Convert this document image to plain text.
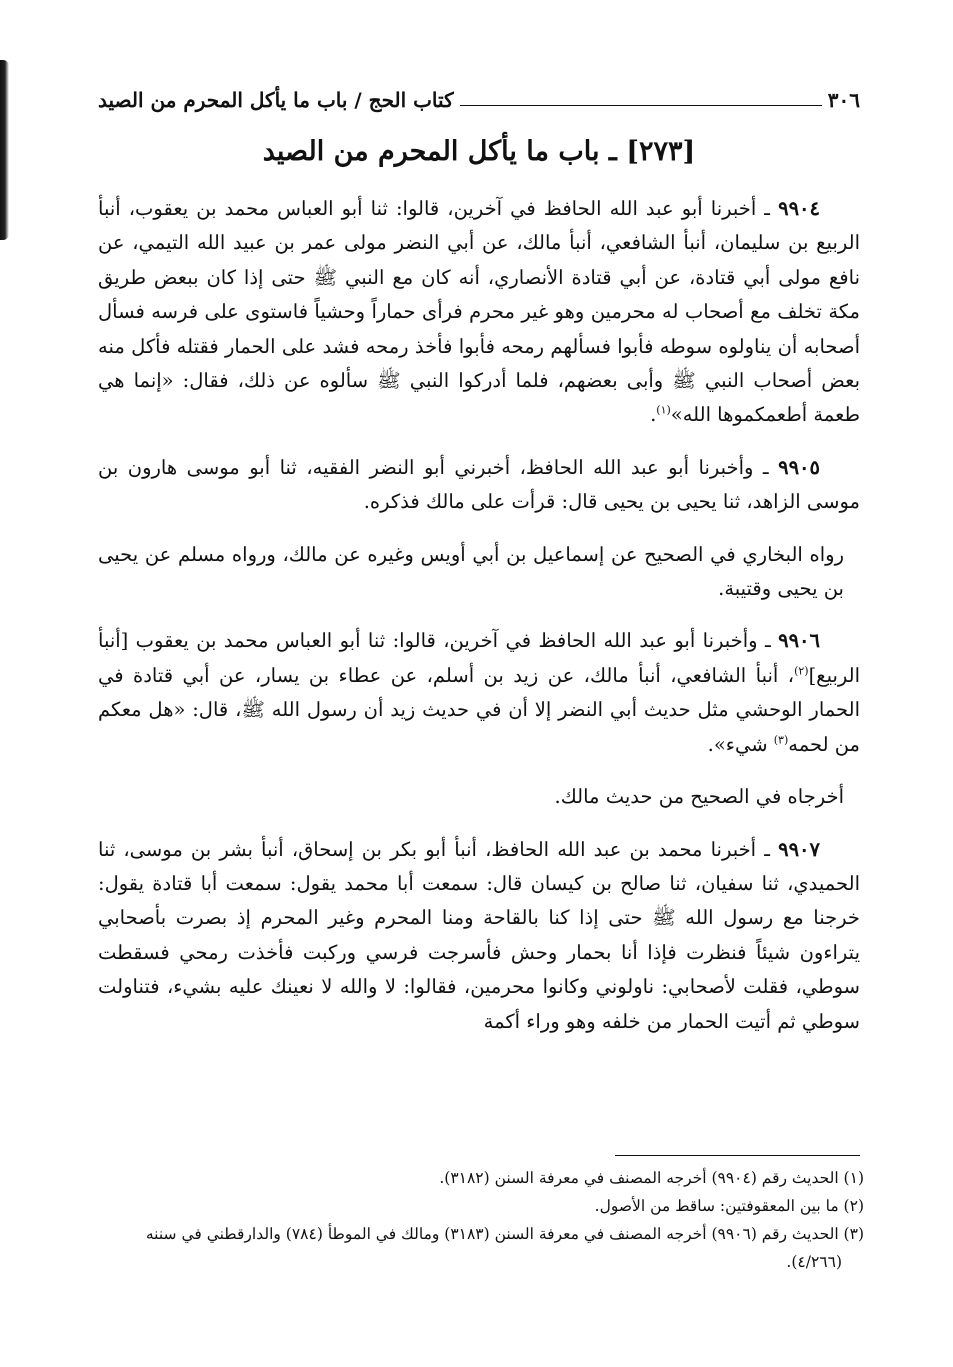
٣٠٦
كتاب الحج / باب ما يأكل المحرم من الصيد
[٢٧٣] ـ باب ما يأكل المحرم من الصيد

٩٩٠٤ ـ أخبرنا أبو عبد الله الحافظ في آخرين، قالوا: ثنا أبو العباس محمد بن يعقوب، أنبأ الربيع بن سليمان، أنبأ الشافعي، أنبأ مالك، عن أبي النضر مولى عمر بن عبيد الله التيمي، عن نافع مولى أبي قتادة، عن أبي قتادة الأنصاري، أنه كان مع النبي ﷺ حتى إذا كان ببعض طريق مكة تخلف مع أصحاب له محرمين وهو غير محرم فرأى حماراً وحشياً فاستوى على فرسه فسأل أصحابه أن يناولوه سوطه فأبوا فسألهم رمحه فأبوا فأخذ رمحه فشد على الحمار فقتله فأكل منه بعض أصحاب النبي ﷺ وأبى بعضهم، فلما أدركوا النبي ﷺ سألوه عن ذلك، فقال: «إنما هي طعمة أطعمكموها الله»$^{(١)}$.

٩٩٠٥ ـ وأخبرنا أبو عبد الله الحافظ، أخبرني أبو النضر الفقيه، ثنا أبو موسى هارون بن موسى الزاهد، ثنا يحيى بن يحيى قال: قرأت على مالك فذكره.

رواه البخاري في الصحيح عن إسماعيل بن أبي أويس وغيره عن مالك، ورواه مسلم عن يحيى بن يحيى وقتيبة.

٩٩٠٦ ـ وأخبرنا أبو عبد الله الحافظ في آخرين، قالوا: ثنا أبو العباس محمد بن يعقوب [أنبأ الربيع]$^{(٢)}$، أنبأ الشافعي، أنبأ مالك، عن زيد بن أسلم، عن عطاء بن يسار، عن أبي قتادة في الحمار الوحشي مثل حديث أبي النضر إلا أن في حديث زيد أن رسول الله ﷺ، قال: «هل معكم من لحمه$^{(٣)}$ شيء».

أخرجاه في الصحيح من حديث مالك.

٩٩٠٧ ـ أخبرنا محمد بن عبد الله الحافظ، أنبأ أبو بكر بن إسحاق، أنبأ بشر بن موسى، ثنا الحميدي، ثنا سفيان، ثنا صالح بن كيسان قال: سمعت أبا محمد يقول: سمعت أبا قتادة يقول: خرجنا مع رسول الله ﷺ حتى إذا كنا بالقاحة ومنا المحرم وغير المحرم إذ بصرت بأصحابي يتراءون شيئاً فنظرت فإذا أنا بحمار وحش فأسرجت فرسي وركبت فأخذت رمحي فسقطت سوطي، فقلت لأصحابي: ناولوني وكانوا محرمين، فقالوا: لا والله لا نعينك عليه بشيء، فتناولت سوطي ثم أتيت الحمار من خلفه وهو وراء أكمة

(١) الحديث رقم (٩٩٠٤) أخرجه المصنف في معرفة السنن (٣١٨٢).

(٢) ما بين المعقوفتين: ساقط من الأصول.

(٣) الحديث رقم (٩٩٠٦) أخرجه المصنف في معرفة السنن (٣١٨٣) ومالك في الموطأ (٧٨٤) والدارقطني في سننه (٤/٢٦٦).
